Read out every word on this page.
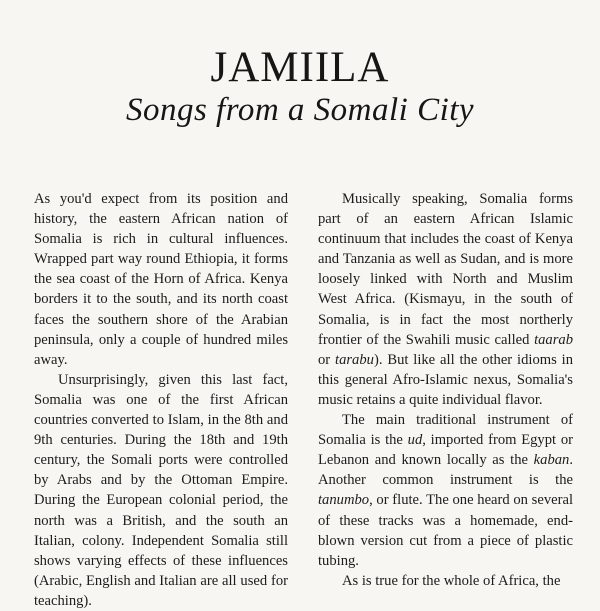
JAMIILA
Songs from a Somali City

As you'd expect from its position and history, the eastern African nation of Somalia is rich in cultural influences. Wrapped part way round Ethiopia, it forms the sea coast of the Horn of Africa. Kenya borders it to the south, and its north coast faces the southern shore of the Arabian peninsula, only a couple of hundred miles away.

Unsurprisingly, given this last fact, Somalia was one of the first African countries converted to Islam, in the 8th and 9th centuries. During the 18th and 19th century, the Somali ports were controlled by Arabs and by the Ottoman Empire. During the European colonial period, the north was a British, and the south an Italian, colony. Independent Somalia still shows varying effects of these influences (Arabic, English and Italian are all used for teaching).

Musically speaking, Somalia forms part of an eastern African Islamic continuum that includes the coast of Kenya and Tanzania as well as Sudan, and is more loosely linked with North and Muslim West Africa. (Kismayu, in the south of Somalia, is in fact the most northerly frontier of the Swahili music called taarab or tarabu). But like all the other idioms in this general Afro-Islamic nexus, Somalia's music retains a quite individual flavor.

The main traditional instrument of Somalia is the ud, imported from Egypt or Lebanon and known locally as the kaban. Another common instrument is the tanumbo, or flute. The one heard on several of these tracks was a homemade, end-blown version cut from a piece of plastic tubing.

As is true for the whole of Africa, the
